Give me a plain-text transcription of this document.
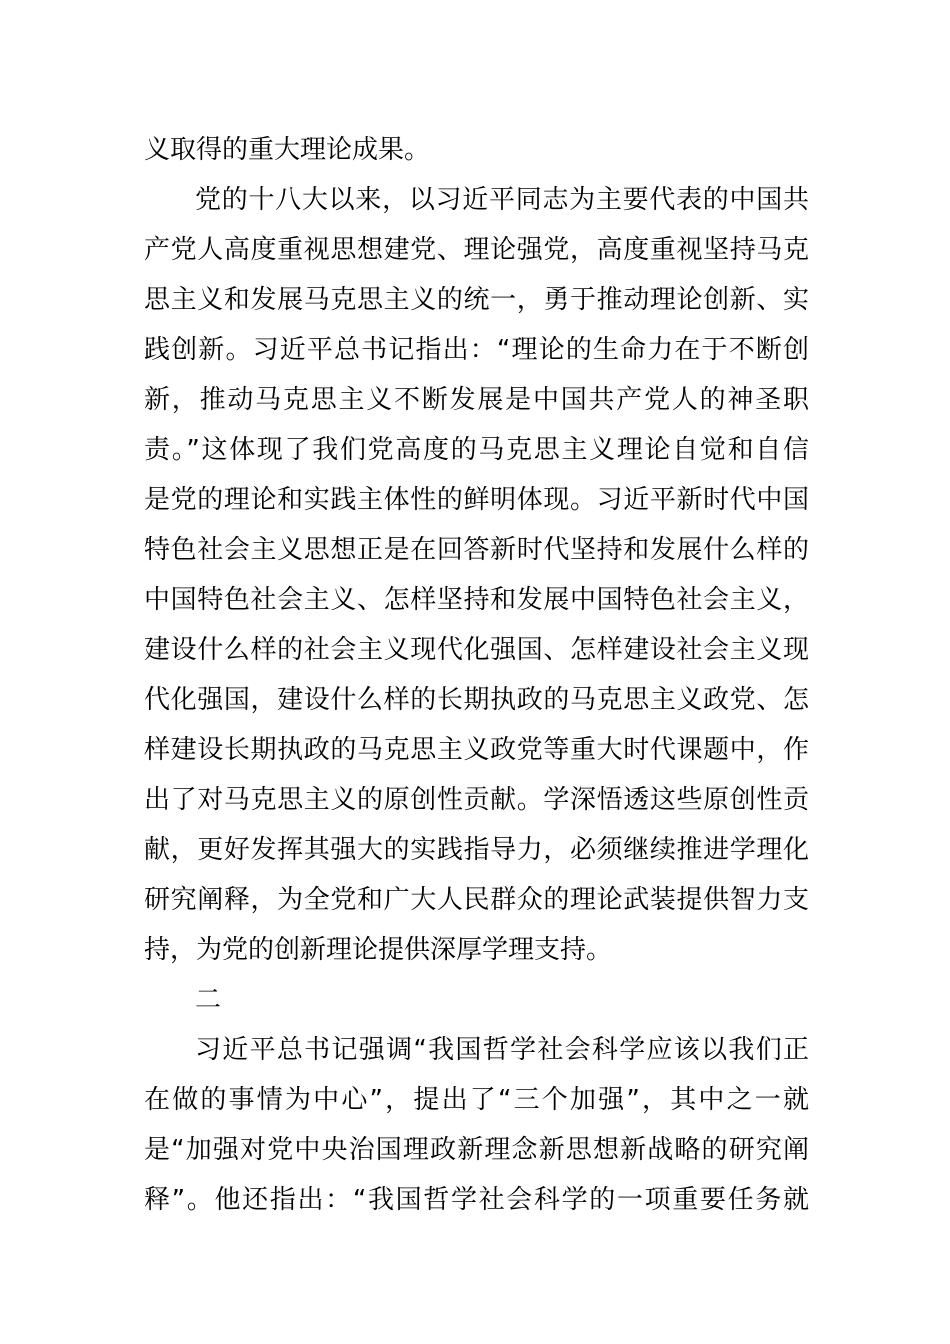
义取得的重大理论成果。
党的十八大以来，以习近平同志为主要代表的中国共
产党人高度重视思想建党、理论强党，高度重视坚持马克
思主义和发展马克思主义的统一，勇于推动理论创新、实
践创新。习近平总书记指出：“理论的生命力在于不断创
新，推动马克思主义不断发展是中国共产党人的神圣职
责。”这体现了我们党高度的马克思主义理论自觉和自信
是党的理论和实践主体性的鲜明体现。习近平新时代中国
特色社会主义思想正是在回答新时代坚持和发展什么样的
中国特色社会主义、怎样坚持和发展中国特色社会主义，
建设什么样的社会主义现代化强国、怎样建设社会主义现
代化强国，建设什么样的长期执政的马克思主义政党、怎
样建设长期执政的马克思主义政党等重大时代课题中，作
出了对马克思主义的原创性贡献。学深悟透这些原创性贡
献，更好发挥其强大的实践指导力，必须继续推进学理化
研究阐释，为全党和广大人民群众的理论武装提供智力支
持，为党的创新理论提供深厚学理支持。
二
习近平总书记强调“我国哲学社会科学应该以我们正
在做的事情为中心”，提出了“三个加强”，其中之一就
是“加强对党中央治国理政新理念新思想新战略的研究阐
释”。他还指出：“我国哲学社会科学的一项重要任务就
